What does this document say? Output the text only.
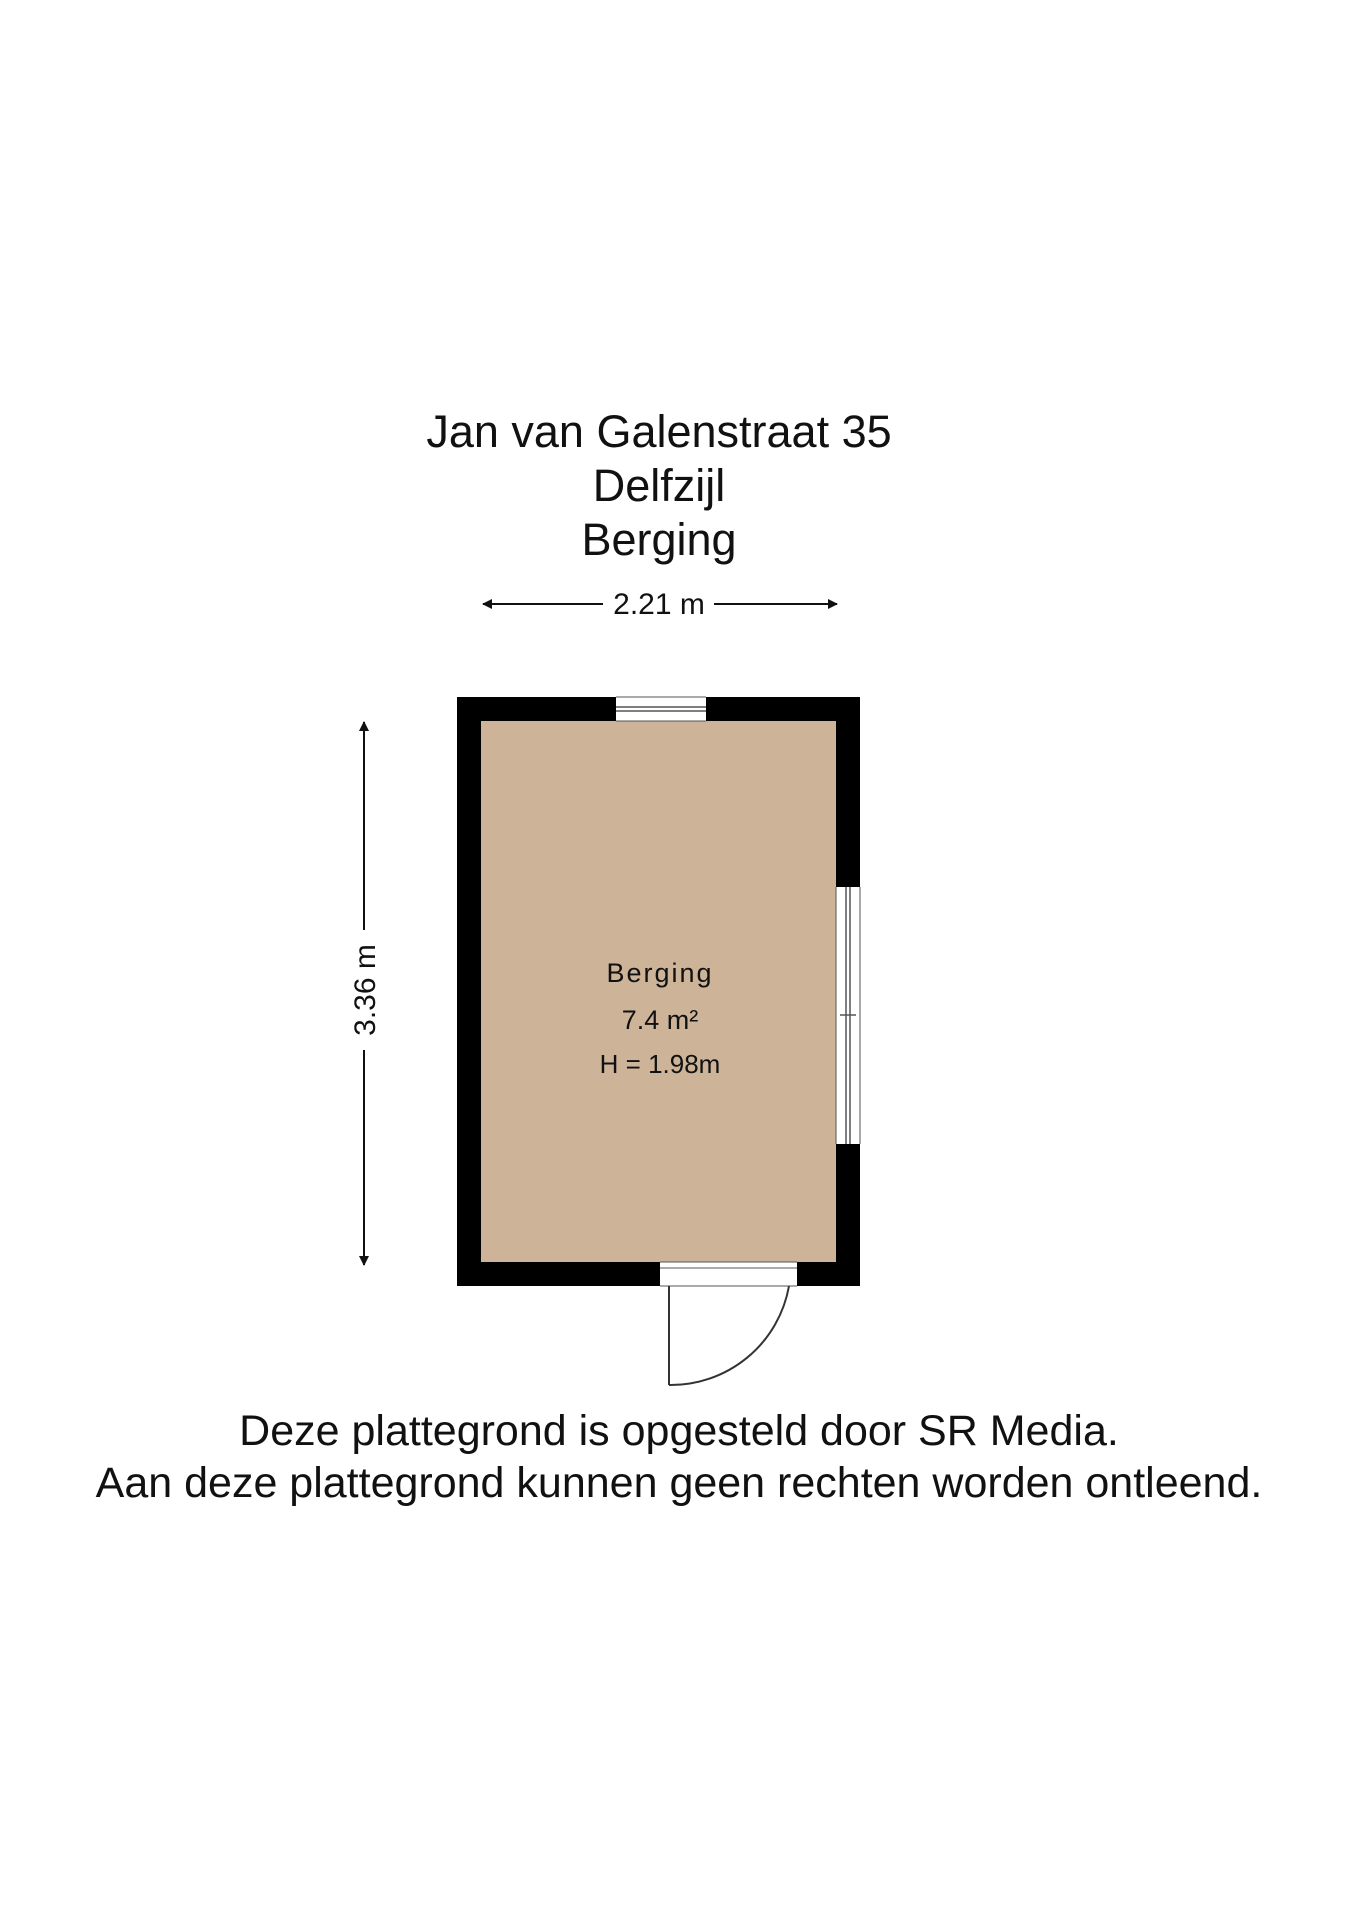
Jan van Galenstraat 35
Delfzijl
Berging
2.21 m
3.36 m	Berging
7.4 m²
H = 1.98m
Deze plattegrond is opgesteld door SR Media.
Aan deze plattegrond kunnen geen rechten worden ontleend.
